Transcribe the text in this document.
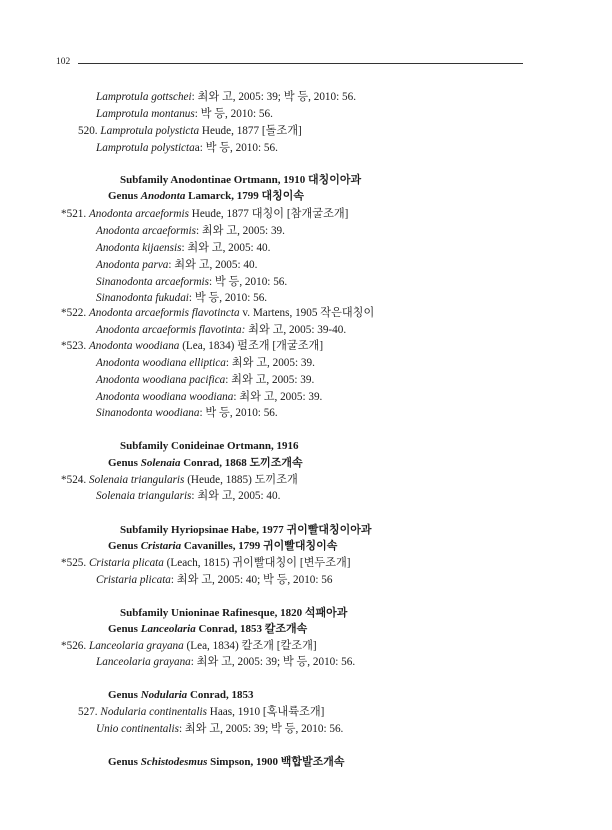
102
Lamprotula gottschei: 최와 고, 2005: 39; 박 등, 2010: 56.
Lamprotula montanus: 박 등, 2010: 56.
520. Lamprotula polysticta Heude, 1877 [돌조개]
Lamprotula polystictaa: 박 등, 2010: 56.
Subfamily Anodontinae Ortmann, 1910 대칭이아과
Genus Anodonta Lamarck, 1799 대칭이속
*521. Anodonta arcaeformis Heude, 1877 대칭이 [참개굴조개]
Anodonta arcaeformis: 최와 고, 2005: 39.
Anodonta kijaensis: 최와 고, 2005: 40.
Anodonta parva: 최와 고, 2005: 40.
Sinanodonta arcaeformis: 박 등, 2010: 56.
Sinanodonta fukudai: 박 등, 2010: 56.
*522. Anodonta arcaeformis flavotincta v. Martens, 1905 작은대칭이
Anodonta arcaeformis flavotinta: 최와 고, 2005: 39-40.
*523. Anodonta woodiana (Lea, 1834) 펄조개 [개굴조개]
Anodonta woodiana elliptica: 최와 고, 2005: 39.
Anodonta woodiana pacifica: 최와 고, 2005: 39.
Anodonta woodiana woodiana: 최와 고, 2005: 39.
Sinanodonta woodiana: 박 등, 2010: 56.
Subfamily Conideinae Ortmann, 1916
Genus Solenaia Conrad, 1868 도끼조개속
*524. Solenaia triangularis (Heude, 1885) 도끼조개
Solenaia triangularis: 최와 고, 2005: 40.
Subfamily Hyriopsinae Habe, 1977 귀이빨대칭이아과
Genus Cristaria Cavanilles, 1799 귀이빨대칭이속
*525. Cristaria plicata (Leach, 1815) 귀이빨대칭이 [변두조개]
Cristaria plicata: 최와 고, 2005: 40; 박 등, 2010: 56
Subfamily Unioninae Rafinesque, 1820 석패아과
Genus Lanceolaria Conrad, 1853 칼조개속
*526. Lanceolaria grayana (Lea, 1834) 칼조개 [칼조개]
Lanceolaria grayana: 최와 고, 2005: 39; 박 등, 2010: 56.
Genus Nodularia Conrad, 1853
527. Nodularia continentalis Haas, 1910 [혹내륙조개]
Unio continentalis: 최와 고, 2005: 39; 박 등, 2010: 56.
Genus Schistodesmus Simpson, 1900 백합발조개속
